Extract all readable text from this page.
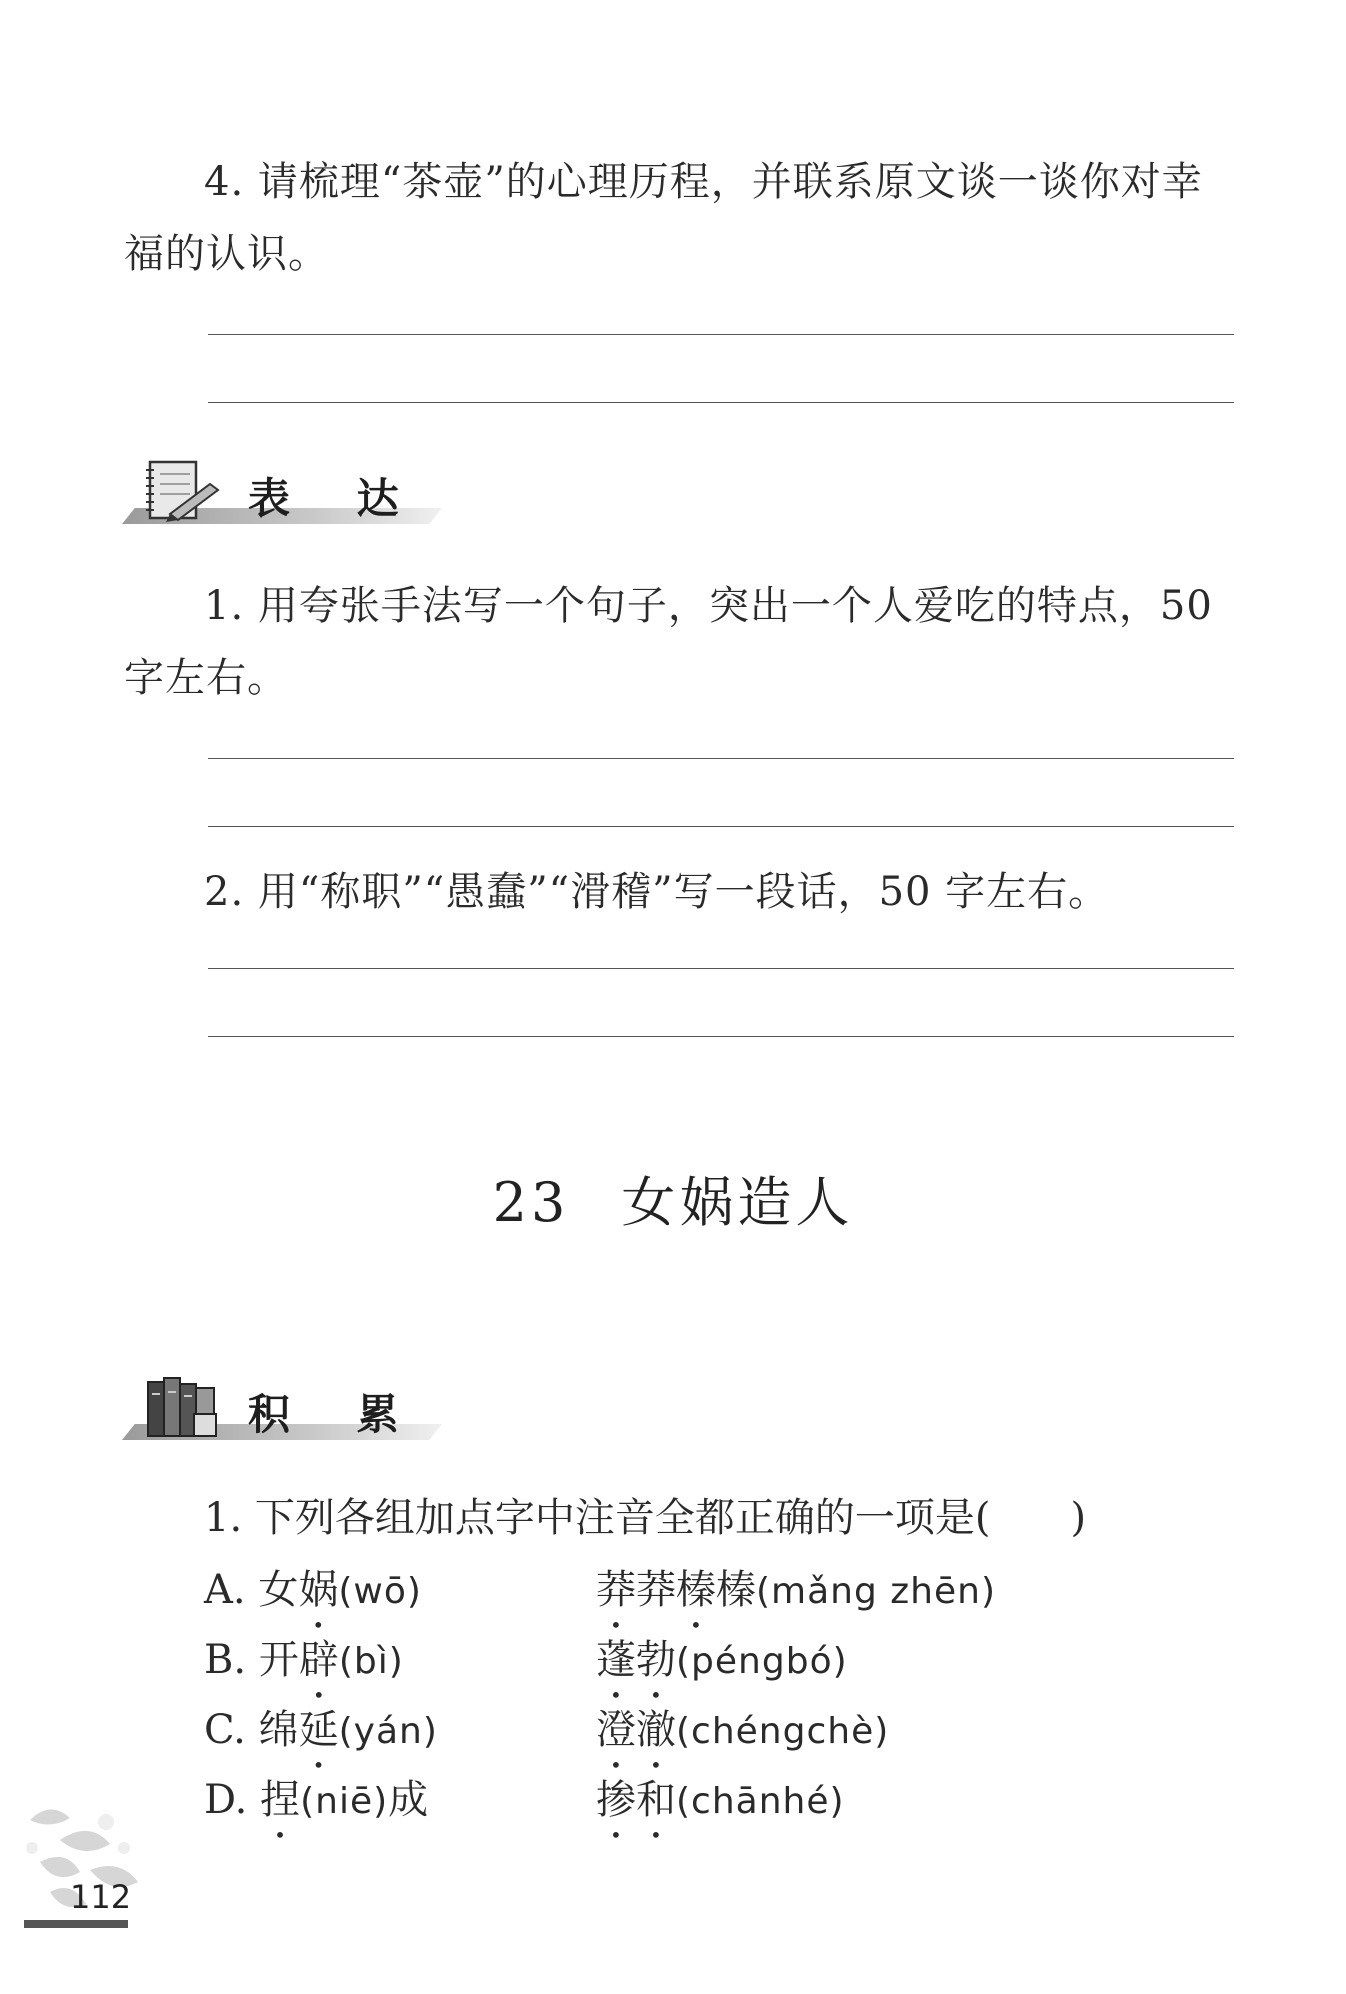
4. 请梳理“茶壶”的心理历程，并联系原文谈一谈你对幸福的认识。
表 达
1. 用夸张手法写一个句子，突出一个人爱吃的特点，50 字左右。
2. 用“称职”“愚蠢”“滑稽”写一段话，50 字左右。
23 女娲造人
积 累
1. 下列各组加点字中注音全都正确的一项是(　　)
A. 女娲(wō)	莽莽榛榛(mǎng zhēn)
B. 开辟(bì)	蓬勃(péngbó)
C. 绵延(yán)	澄澈(chéngchè)
D. 捏(niē)成	掺和(chānhé)
112
